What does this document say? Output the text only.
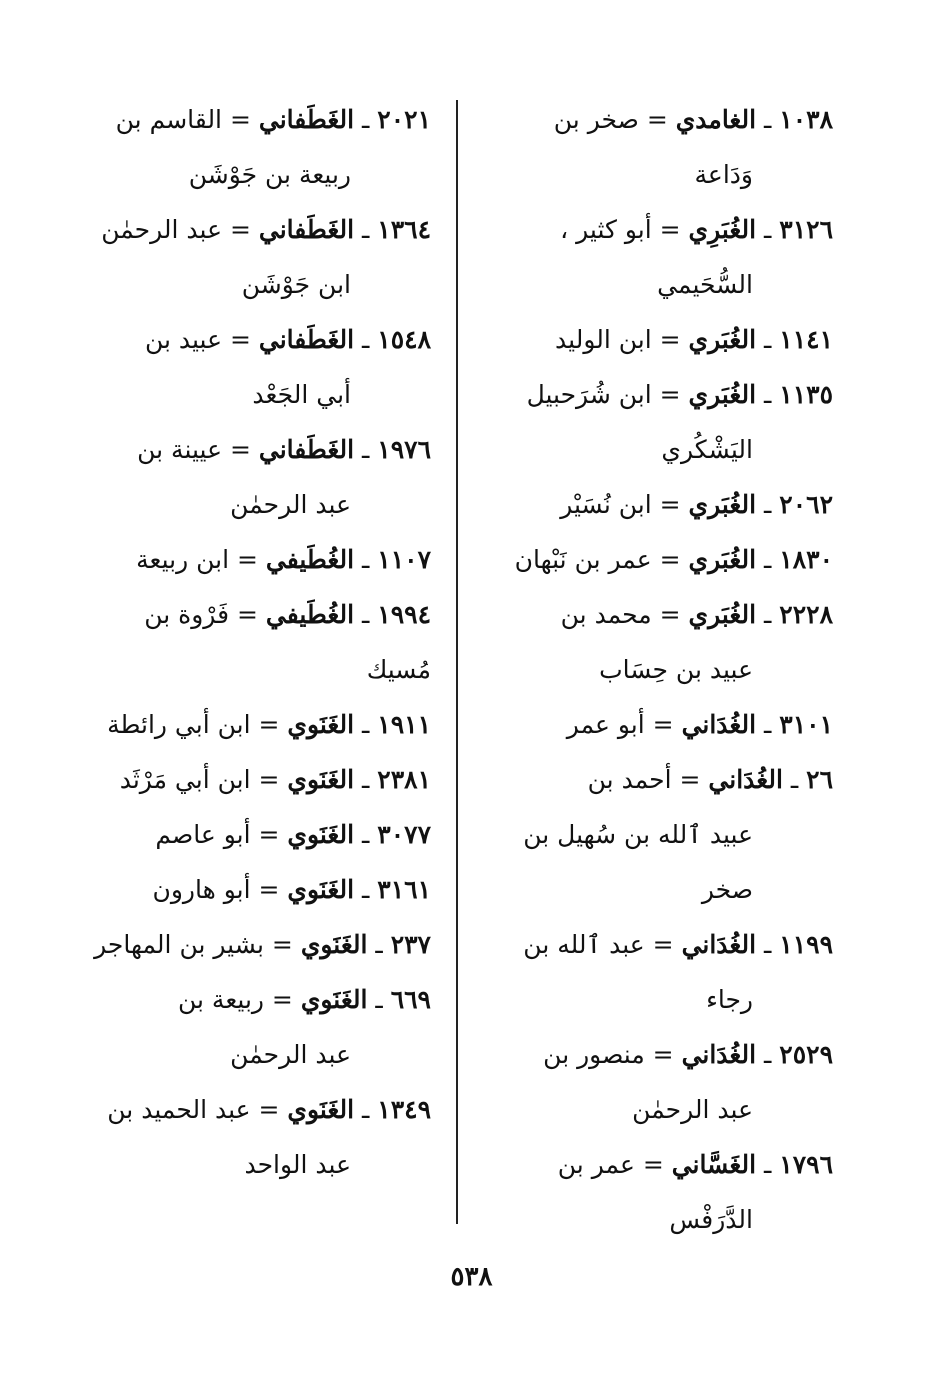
١٠٣٨ ـ الغامدي = صخر بن
وَدَاعة

٣١٢٦ ـ الغُبَرِي = أبو كثير ،
السُّحَيمي

١١٤١ ـ الغُبَري = ابن الوليد

١١٣٥ ـ الغُبَري = ابن شُرَحبيل
اليَشْكُري

٢٠٦٢ ـ الغُبَري = ابن نُسَيْر

١٨٣٠ ـ الغُبَري = عمر بن نَبْهان

٢٢٢٨ ـ الغُبَري = محمد بن
عبيد بن حِسَاب

٣١٠١ ـ الغُدَاني = أبو عمر

٢٦ ـ الغُدَاني = أحمد بن
عبيد ٱلله بن سُهيل بن صخر

١١٩٩ ـ الغُدَاني = عبد ٱلله بن
رجاء

٢٥٢٩ ـ الغُدَاني = منصور بن
عبد الرحمٰن

١٧٩٦ ـ الغَسَّاني = عمر بن
الدَّرَفْس

٢٠٢١ ـ الغَطَفاني = القاسم بن
ربيعة بن جَوْشَن

١٣٦٤ ـ الغَطَفاني = عبد الرحمٰن
ابن جَوْشَن

١٥٤٨ ـ الغَطَفاني = عبيد بن
أبي الجَعْد

١٩٧٦ ـ الغَطَفاني = عيينة بن
عبد الرحمٰن

١١٠٧ ـ الغُطَيفي = ابن ربيعة

١٩٩٤ ـ الغُطَيفي = فَرْوة بن مُسيك

١٩١١ ـ الغَنَوي = ابن أبي رائطة

٢٣٨١ ـ الغَنَوي = ابن أبي مَرْثَد

٣٠٧٧ ـ الغَنَوي = أبو عاصم

٣١٦١ ـ الغَنَوي = أبو هارون

٢٣٧ ـ الغَنَوي = بشير بن المهاجر

٦٦٩ ـ الغَنَوي = ربيعة بن
عبد الرحمٰن

١٣٤٩ ـ الغَنَوي = عبد الحميد بن
عبد الواحد

٥٣٨
